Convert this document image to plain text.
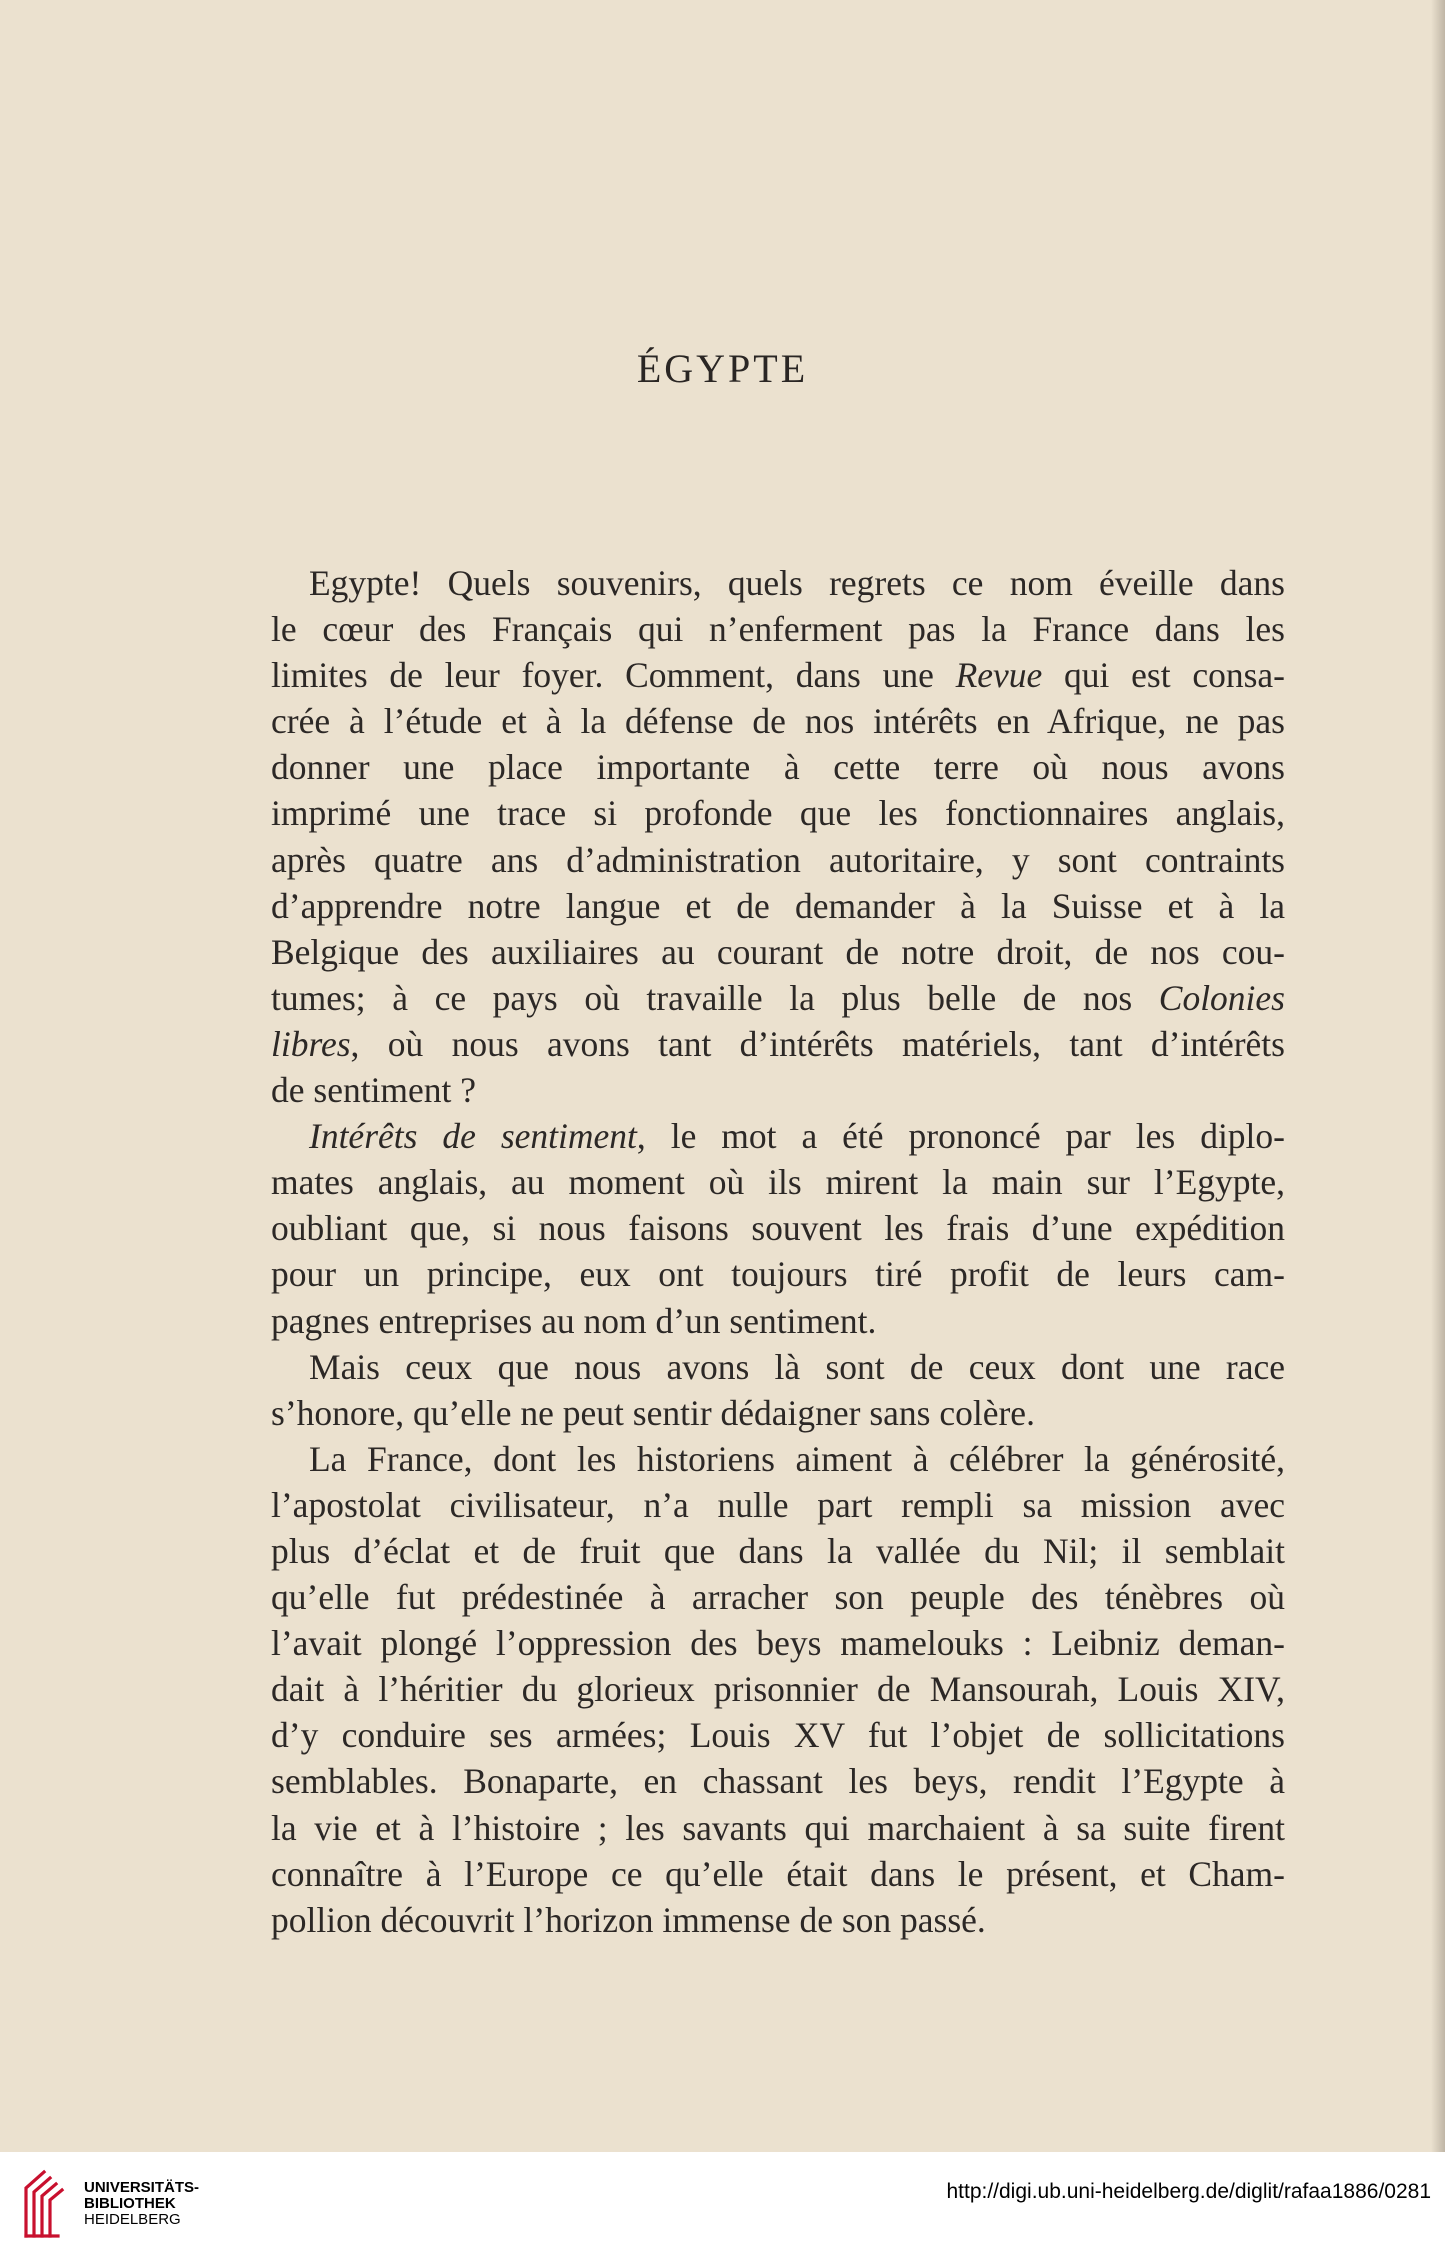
ÉGYPTE
Egypte! Quels souvenirs, quels regrets ce nom éveille dans
le cœur des Français qui n’enferment pas la France dans les
limites de leur foyer. Comment, dans une Revue qui est consa-
crée à l’étude et à la défense de nos intérêts en Afrique, ne pas
donner une place importante à cette terre où nous avons
imprimé une trace si profonde que les fonctionnaires anglais,
après quatre ans d’administration autoritaire, y sont contraints
d’apprendre notre langue et de demander à la Suisse et à la
Belgique des auxiliaires au courant de notre droit, de nos cou-
tumes; à ce pays où travaille la plus belle de nos Colonies
libres, où nous avons tant d’intérêts matériels, tant d’intérêts
de sentiment ?
Intérêts de sentiment, le mot a été prononcé par les diplo-
mates anglais, au moment où ils mirent la main sur l’Egypte,
oubliant que, si nous faisons souvent les frais d’une expédition
pour un principe, eux ont toujours tiré profit de leurs cam-
pagnes entreprises au nom d’un sentiment.
Mais ceux que nous avons là sont de ceux dont une race
s’honore, qu’elle ne peut sentir dédaigner sans colère.
La France, dont les historiens aiment à célébrer la générosité,
l’apostolat civilisateur, n’a nulle part rempli sa mission avec
plus d’éclat et de fruit que dans la vallée du Nil; il semblait
qu’elle fut prédestinée à arracher son peuple des ténèbres où
l’avait plongé l’oppression des beys mamelouks : Leibniz deman-
dait à l’héritier du glorieux prisonnier de Mansourah, Louis XIV,
d’y conduire ses armées; Louis XV fut l’objet de sollicitations
semblables. Bonaparte, en chassant les beys, rendit l’Egypte à
la vie et à l’histoire ; les savants qui marchaient à sa suite firent
connaître à l’Europe ce qu’elle était dans le présent, et Cham-
pollion découvrit l’horizon immense de son passé.
UNIVERSITÄTS-
BIBLIOTHEK
HEIDELBERG
http://digi.ub.uni-heidelberg.de/diglit/rafaa1886/0281
